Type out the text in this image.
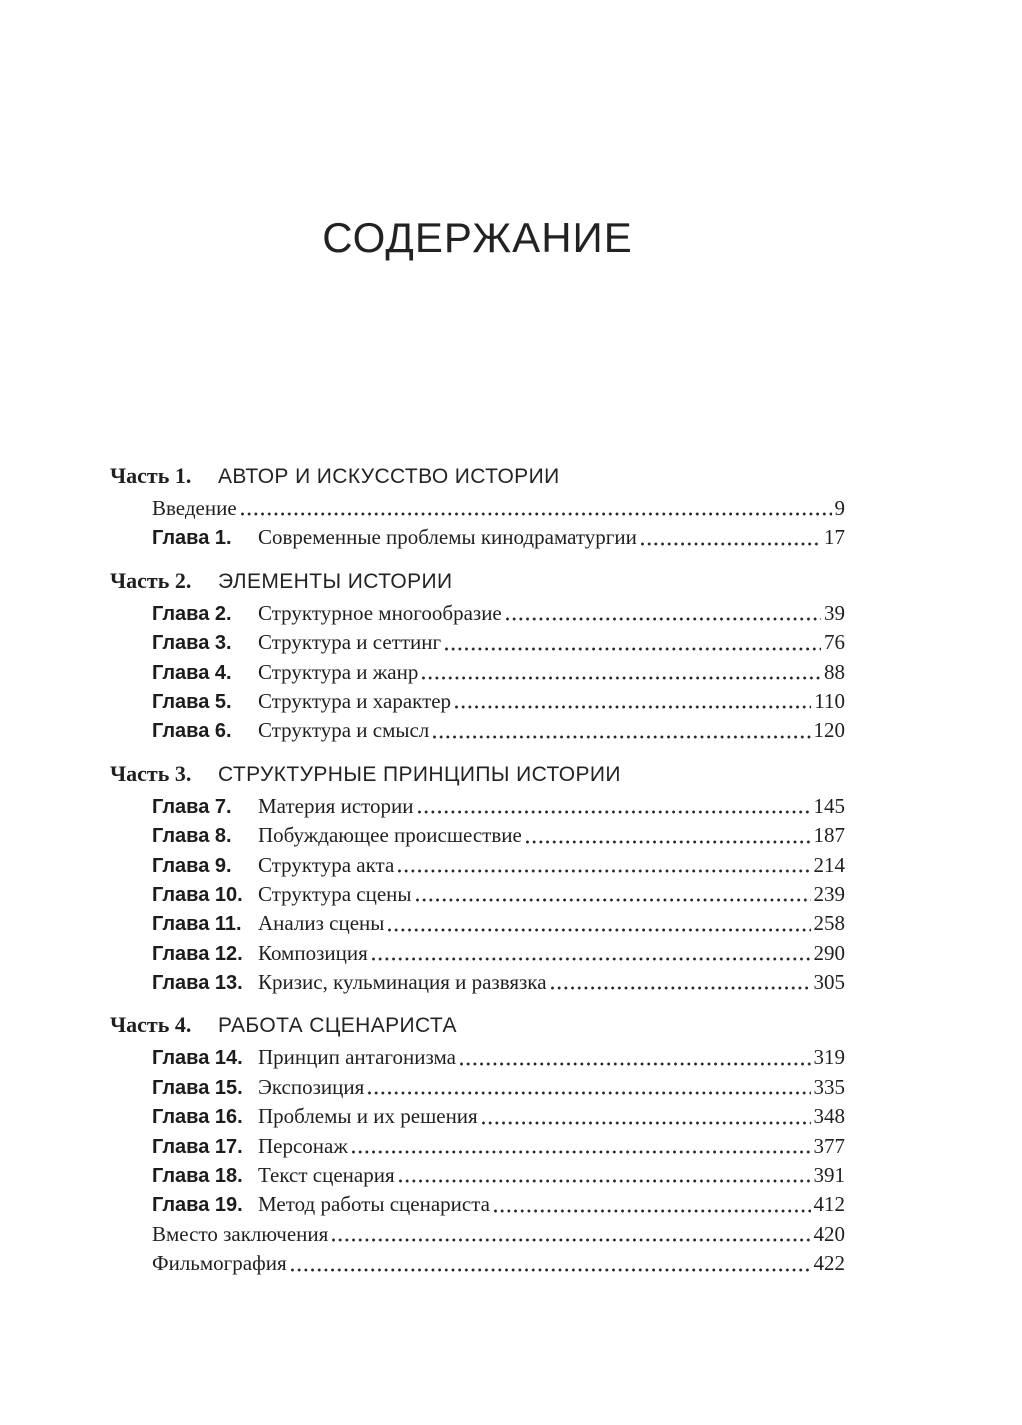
СОДЕРЖАНИЕ
Часть 1.	АВТОР И ИСКУССТВО ИСТОРИИ
Введение	9
Глава 1.	Современные проблемы кинодраматургии	17
Часть 2.	ЭЛЕМЕНТЫ ИСТОРИИ
Глава 2.	Структурное многообразие	39
Глава 3.	Структура и сеттинг	76
Глава 4.	Структура и жанр	88
Глава 5.	Структура и характер	110
Глава 6.	Структура и смысл	120
Часть 3.	СТРУКТУРНЫЕ ПРИНЦИПЫ ИСТОРИИ
Глава 7.	Материя истории	145
Глава 8.	Побуждающее происшествие	187
Глава 9.	Структура акта	214
Глава 10. Структура сцены	239
Глава 11. Анализ сцены	258
Глава 12. Композиция	290
Глава 13. Кризис, кульминация и развязка	305
Часть 4.	РАБОТА СЦЕНАРИСТА
Глава 14. Принцип антагонизма	319
Глава 15. Экспозиция	335
Глава 16. Проблемы и их решения	348
Глава 17. Персонаж	377
Глава 18. Текст сценария	391
Глава 19. Метод работы сценариста	412
Вместо заключения	420
Фильмография	422
